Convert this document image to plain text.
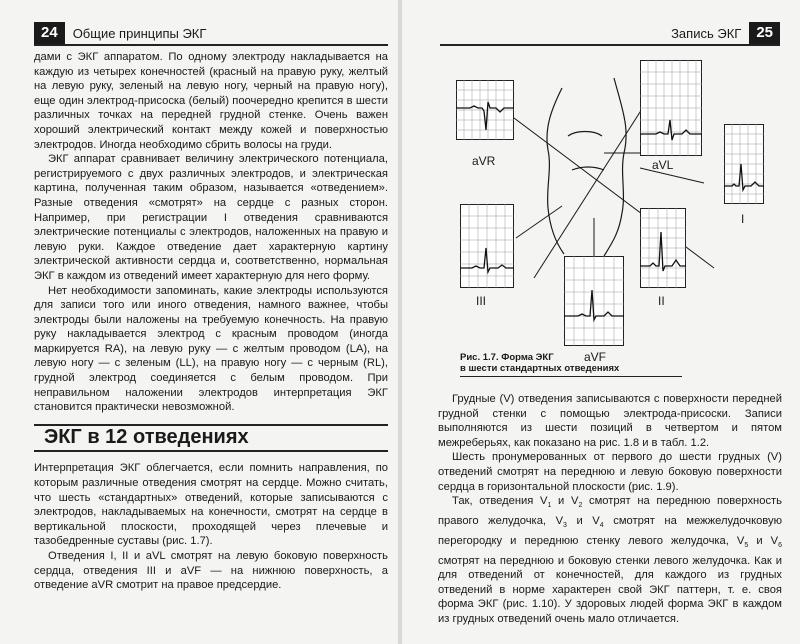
24	Общие принципы ЭКГ

дами с ЭКГ аппаратом. По одному электроду накладывается на каждую из четырех конечностей (красный на правую руку, желтый на левую руку, зеленый на левую ногу, черный на правую ногу), еще один электрод-присоска (белый) поочередно крепится в шести различных точках на передней грудной стенке. Очень важен хороший электрический контакт между кожей и поверхностью электродов. Иногда необходимо сбрить волосы на груди.

ЭКГ аппарат сравнивает величину электрического потенциала, регистрируемого с двух различных электродов, и электрическая картина, полученная таким образом, называется «отведением». Разные отведения «смотрят» на сердце с разных сторон. Например, при регистрации I отведения сравниваются электрические потенциалы с электродов, наложенных на правую и левую руки. Каждое отведение дает характерную картину электрической активности сердца и, соответственно, нормальная ЭКГ в каждом из отведений имеет характерную для него форму.

Нет необходимости запоминать, какие электроды используются для записи того или иного отведения, намного важнее, чтобы электроды были наложены на требуемую конечность. На правую руку накладывается электрод с красным проводом (иногда маркируется RA), на левую руку — с желтым проводом (LA), на левую ногу — с зеленым (LL), на правую ногу — с черным (RL), грудной электрод соединяется с белым проводом. При неправильном наложении электродов интерпретация ЭКГ становится практически невозможной.

ЭКГ в 12 отведениях

Интерпретация ЭКГ облегчается, если помнить направления, по которым различные отведения смотрят на сердце. Можно считать, что шесть «стандартных» отведений, которые записываются с электродов, накладываемых на конечности, смотрят на сердце в вертикальной плоскости, проходящей через плечевые и тазобедренные суставы (рис. 1.7).

Отведения I, II и aVL смотрят на левую боковую поверхность сердца, отведения III и aVF — на нижнюю поверхность, а отведение aVR смотрит на правое предсердие.

Запись ЭКГ	25
aVR	aVL
I
III
aVF
II
Рис. 1.7. Форма ЭКГ
в шести стандартных отведениях

Грудные (V) отведения записываются с поверхности передней грудной стенки с помощью электрода-присоски. Записи выполняются из шести позиций в четвертом и пятом межреберьях, как показано на рис. 1.8 и в табл. 1.2.

Шесть пронумерованных от первого до шести грудных (V) отведений смотрят на переднюю и левую боковую поверхности сердца в горизонтальной плоскости (рис. 1.9).

Так, отведения $V_1$ и $V_2$ смотрят на переднюю поверхность правого желудочка, $V_3$ и $V_4$ смотрят на межжелудочковую перегородку и переднюю стенку левого желудочка, $V_5$ и $V_6$ смотрят на переднюю и боковую стенки левого желудочка. Как и для отведений от конечностей, для каждого из грудных отведений в норме характерен свой ЭКГ паттерн, т. е. своя форма ЭКГ (рис. 1.10). У здоровых людей форма ЭКГ в каждом из грудных отведений очень мало отличается.
